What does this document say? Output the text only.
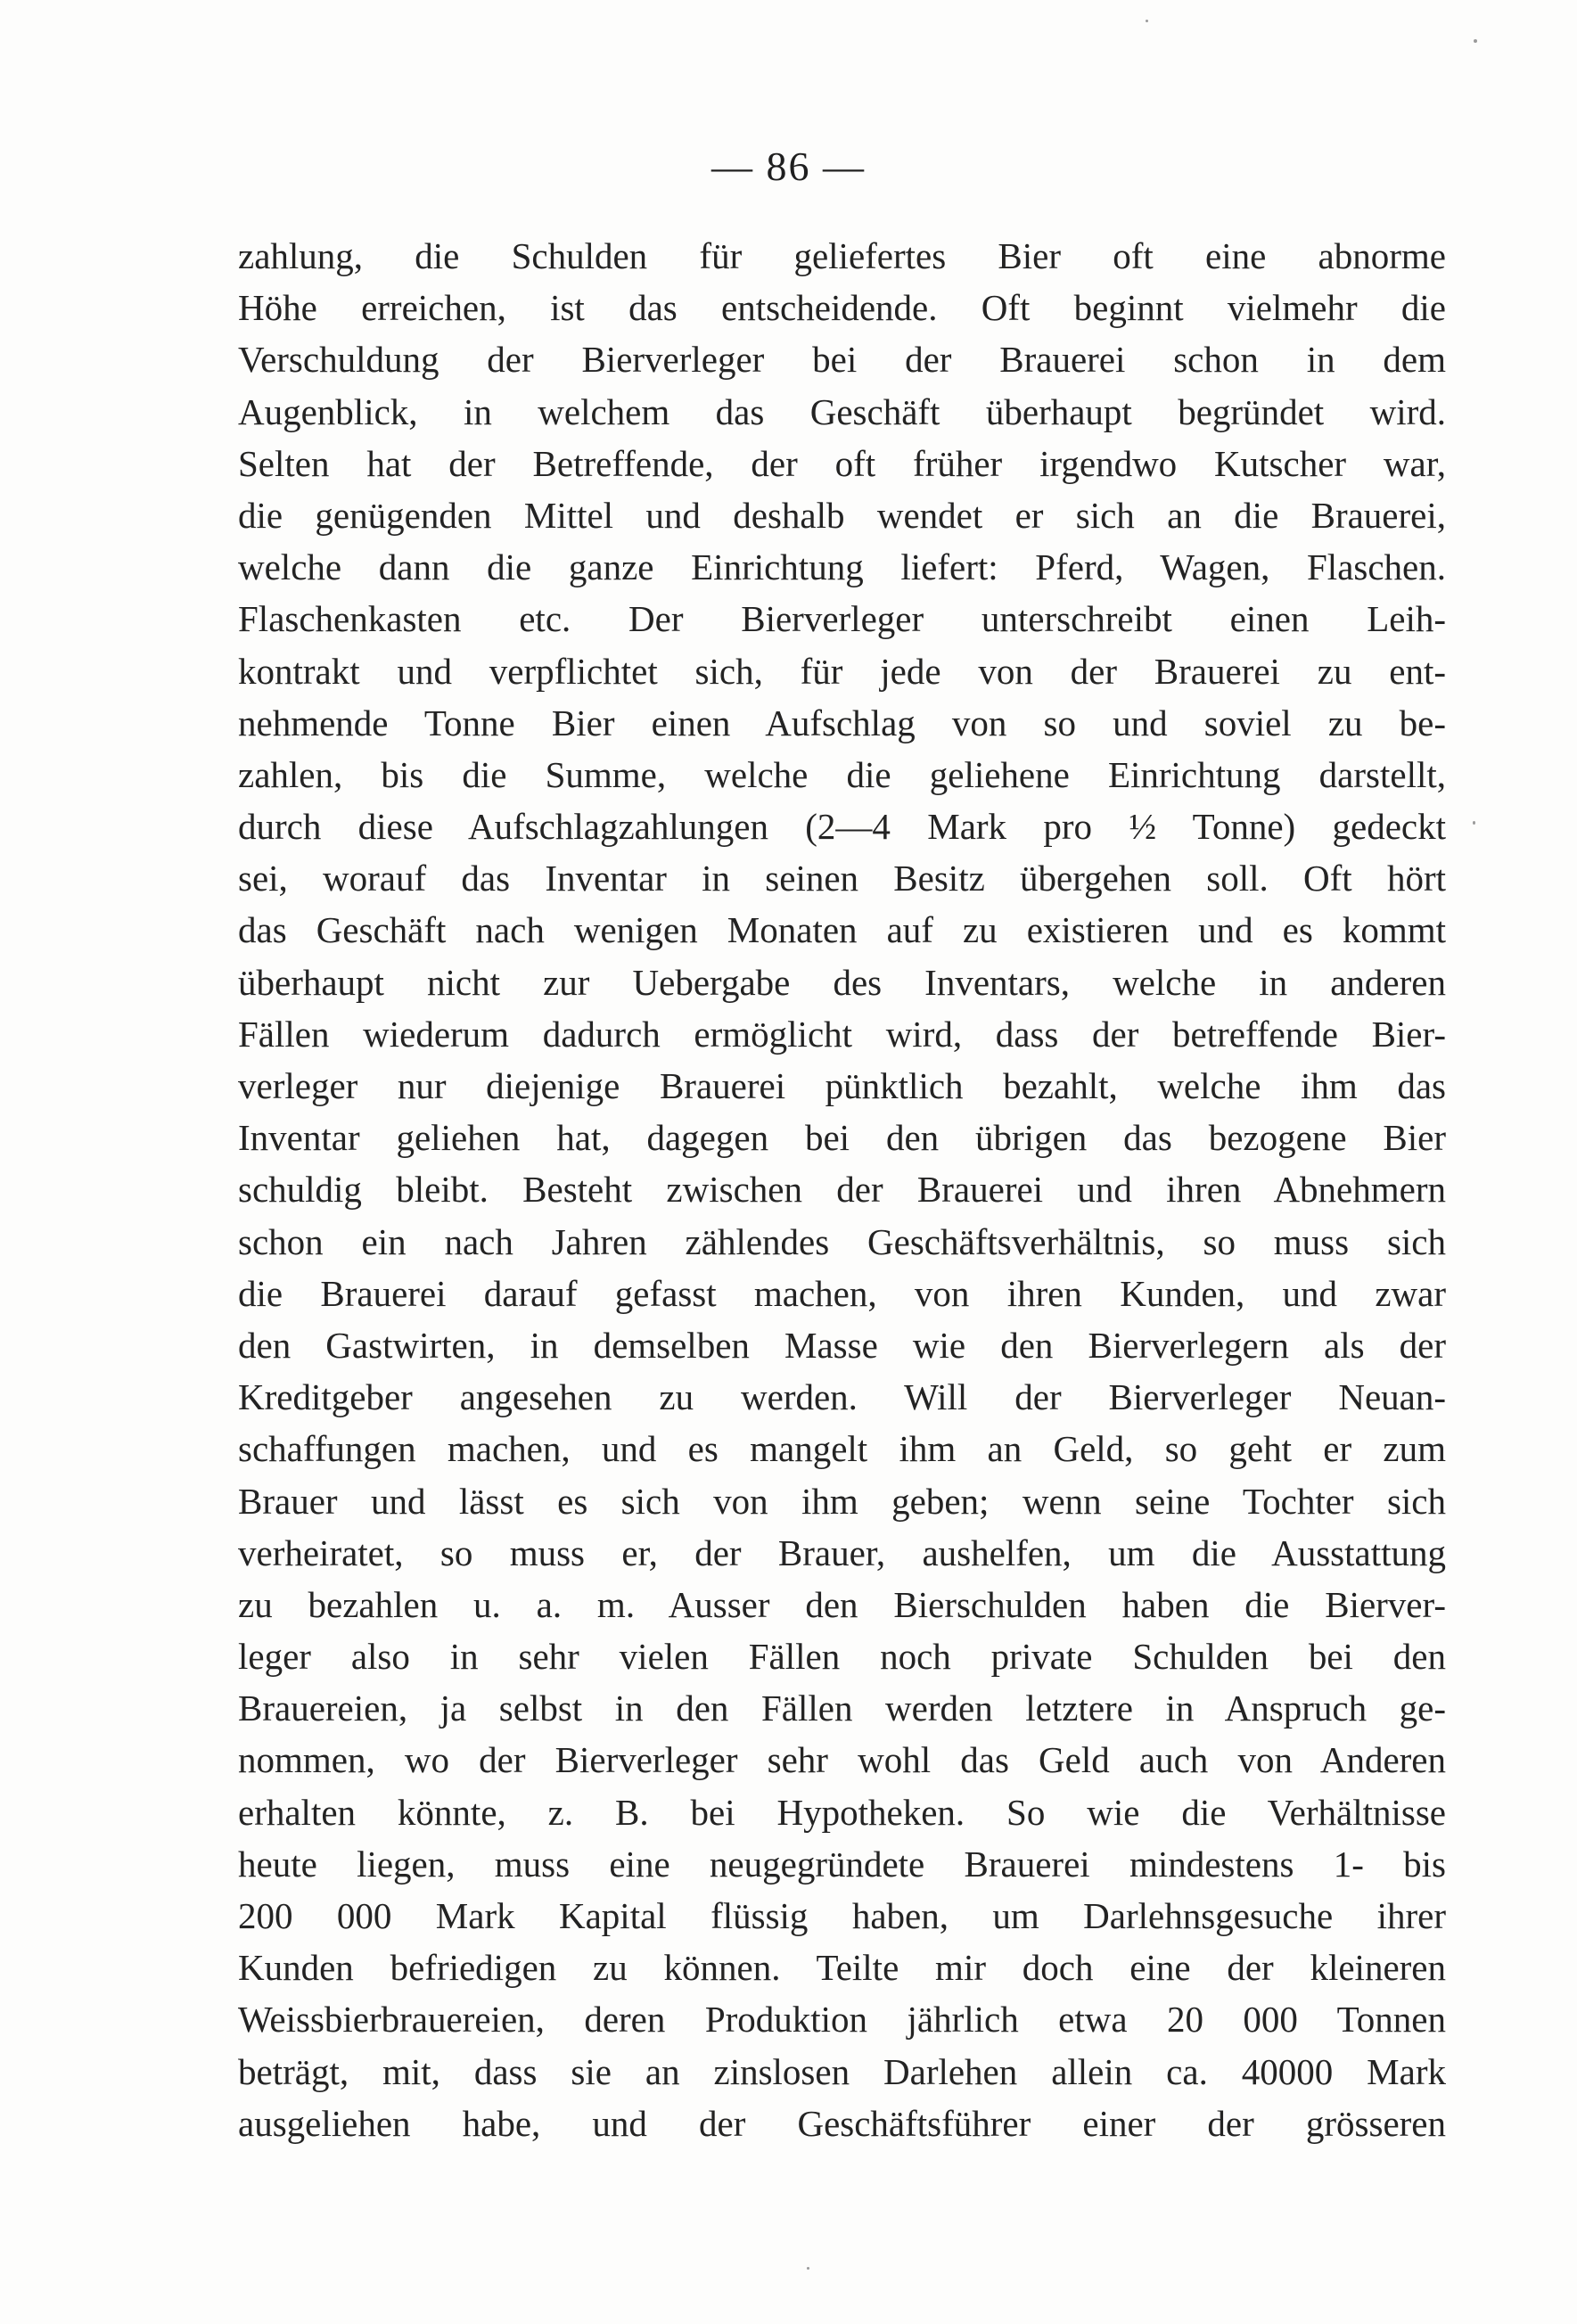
— 86 —
zahlung, die Schulden für geliefertes Bier oft eine abnorme
Höhe erreichen, ist das entscheidende. Oft beginnt vielmehr die
Verschuldung der Bierverleger bei der Brauerei schon in dem
Augenblick, in welchem das Geschäft überhaupt begründet wird.
Selten hat der Betreffende, der oft früher irgendwo Kutscher war,
die genügenden Mittel und deshalb wendet er sich an die Brauerei,
welche dann die ganze Einrichtung liefert: Pferd, Wagen, Flaschen.
Flaschenkasten etc. Der Bierverleger unterschreibt einen Leih-
kontrakt und verpflichtet sich, für jede von der Brauerei zu ent-
nehmende Tonne Bier einen Aufschlag von so und soviel zu be-
zahlen, bis die Summe, welche die geliehene Einrichtung darstellt,
durch diese Aufschlagzahlungen (2—4 Mark pro ½ Tonne) gedeckt
sei, worauf das Inventar in seinen Besitz übergehen soll. Oft hört
das Geschäft nach wenigen Monaten auf zu existieren und es kommt
überhaupt nicht zur Uebergabe des Inventars, welche in anderen
Fällen wiederum dadurch ermöglicht wird, dass der betreffende Bier-
verleger nur diejenige Brauerei pünktlich bezahlt, welche ihm das
Inventar geliehen hat, dagegen bei den übrigen das bezogene Bier
schuldig bleibt. Besteht zwischen der Brauerei und ihren Abnehmern
schon ein nach Jahren zählendes Geschäftsverhältnis, so muss sich
die Brauerei darauf gefasst machen, von ihren Kunden, und zwar
den Gastwirten, in demselben Masse wie den Bierverlegern als der
Kreditgeber angesehen zu werden. Will der Bierverleger Neuan-
schaffungen machen, und es mangelt ihm an Geld, so geht er zum
Brauer und lässt es sich von ihm geben; wenn seine Tochter sich
verheiratet, so muss er, der Brauer, aushelfen, um die Ausstattung
zu bezahlen u. a. m. Ausser den Bierschulden haben die Bierver-
leger also in sehr vielen Fällen noch private Schulden bei den
Brauereien, ja selbst in den Fällen werden letztere in Anspruch ge-
nommen, wo der Bierverleger sehr wohl das Geld auch von Anderen
erhalten könnte, z. B. bei Hypotheken. So wie die Verhältnisse
heute liegen, muss eine neugegründete Brauerei mindestens 1- bis
200 000 Mark Kapital flüssig haben, um Darlehnsgesuche ihrer
Kunden befriedigen zu können. Teilte mir doch eine der kleineren
Weissbierbrauereien, deren Produktion jährlich etwa 20 000 Tonnen
beträgt, mit, dass sie an zinslosen Darlehen allein ca. 40000 Mark
ausgeliehen habe, und der Geschäftsführer einer der grösseren
